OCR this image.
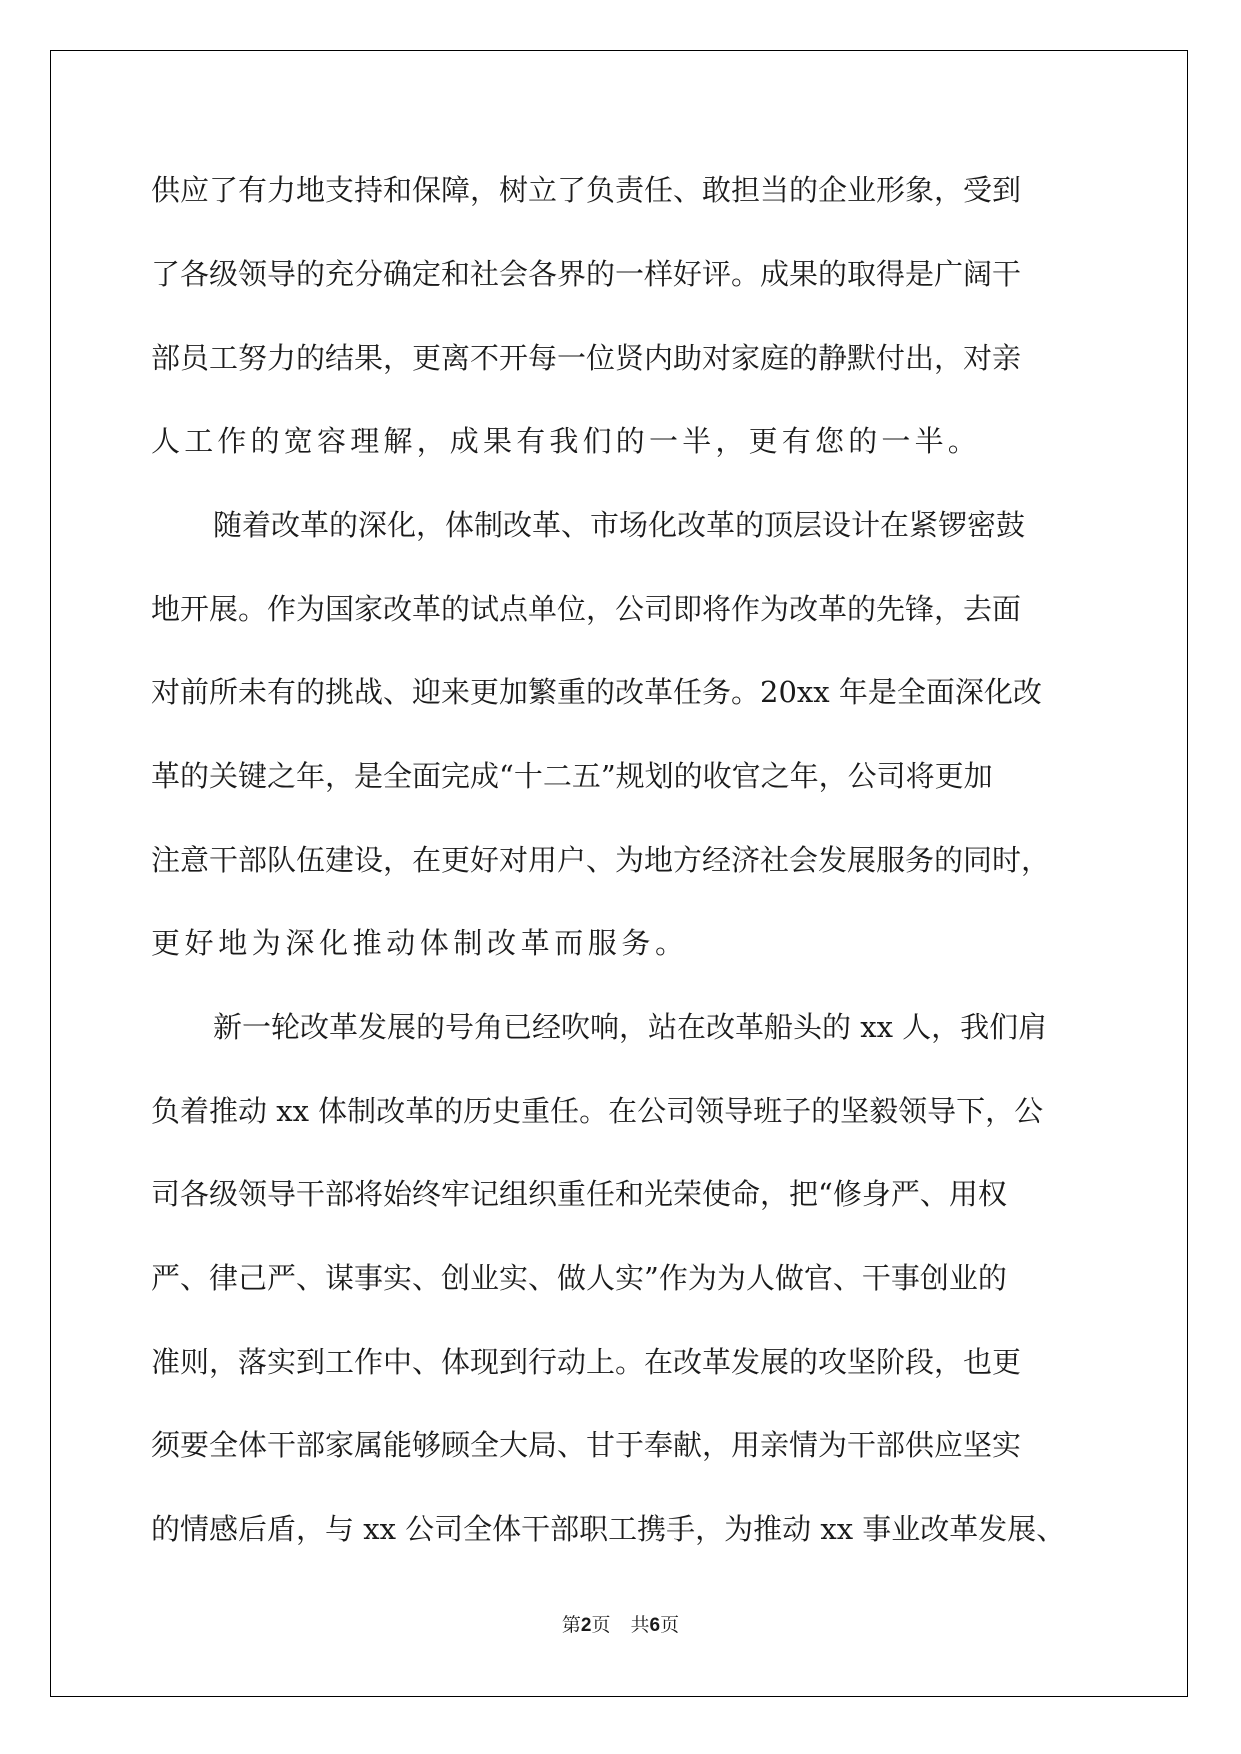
供应了有力地支持和保障，树立了负责任、敢担当的企业形象，受到
了各级领导的充分确定和社会各界的一样好评。成果的取得是广阔干
部员工努力的结果，更离不开每一位贤内助对家庭的静默付出，对亲
人工作的宽容理解，成果有我们的一半，更有您的一半。
随着改革的深化，体制改革、市场化改革的顶层设计在紧锣密鼓
地开展。作为国家改革的试点单位，公司即将作为改革的先锋，去面
对前所未有的挑战、迎来更加繁重的改革任务。20xx 年是全面深化改
革的关键之年，是全面完成“十二五”规划的收官之年，公司将更加
注意干部队伍建设，在更好对用户、为地方经济社会发展服务的同时，
更好地为深化推动体制改革而服务。
新一轮改革发展的号角已经吹响，站在改革船头的 xx 人，我们肩
负着推动 xx 体制改革的历史重任。在公司领导班子的坚毅领导下，公
司各级领导干部将始终牢记组织重任和光荣使命，把“修身严、用权
严、律己严、谋事实、创业实、做人实”作为为人做官、干事创业的
准则，落实到工作中、体现到行动上。在改革发展的攻坚阶段，也更
须要全体干部家属能够顾全大局、甘于奉献，用亲情为干部供应坚实
的情感后盾，与 xx 公司全体干部职工携手，为推动 xx 事业改革发展、
第2页 共6页
